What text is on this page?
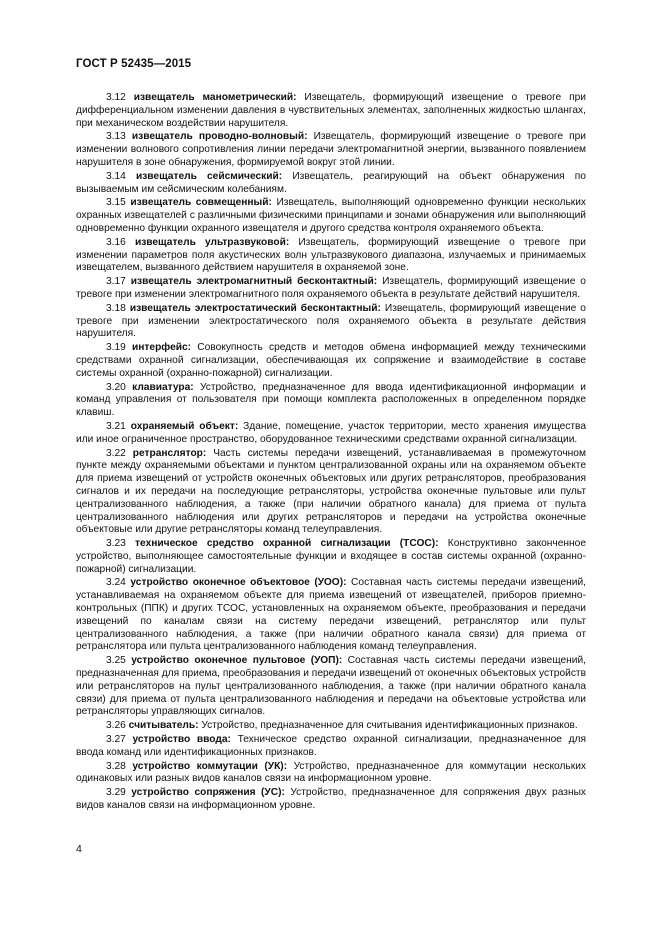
ГОСТ Р 52435—2015

3.12 извещатель манометрический: Извещатель, формирующий извещение о тревоге при дифференциальном изменении давления в чувствительных элементах, заполненных жидкостью шлангах, при механическом воздействии нарушителя.

3.13 извещатель проводно-волновый: Извещатель, формирующий извещение о тревоге при изменении волнового сопротивления линии передачи электромагнитной энергии, вызванного появлением нарушителя в зоне обнаружения, формируемой вокруг этой линии.

3.14 извещатель сейсмический: Извещатель, реагирующий на объект обнаружения по вызываемым им сейсмическим колебаниям.

3.15 извещатель совмещенный: Извещатель, выполняющий одновременно функции нескольких охранных извещателей с различными физическими принципами и зонами обнаружения или выполняющий одновременно функции охранного извещателя и другого средства контроля охраняемого объекта.

3.16 извещатель ультразвуковой: Извещатель, формирующий извещение о тревоге при изменении параметров поля акустических волн ультразвукового диапазона, излучаемых и принимаемых извещателем, вызванного действием нарушителя в охраняемой зоне.

3.17 извещатель электромагнитный бесконтактный: Извещатель, формирующий извещение о тревоге при изменении электромагнитного поля охраняемого объекта в результате действий нарушителя.

3.18 извещатель электростатический бесконтактный: Извещатель, формирующий извещение о тревоге при изменении электростатического поля охраняемого объекта в результате действия нарушителя.

3.19 интерфейс: Совокупность средств и методов обмена информацией между техническими средствами охранной сигнализации, обеспечивающая их сопряжение и взаимодействие в составе системы охранной (охранно-пожарной) сигнализации.

3.20 клавиатура: Устройство, предназначенное для ввода идентификационной информации и команд управления от пользователя при помощи комплекта расположенных в определенном порядке клавиш.

3.21 охраняемый объект: Здание, помещение, участок территории, место хранения имущества или иное ограниченное пространство, оборудованное техническими средствами охранной сигнализации.

3.22 ретранслятор: Часть системы передачи извещений, устанавливаемая в промежуточном пункте между охраняемыми объектами и пунктом централизованной охраны или на охраняемом объекте для приема извещений от устройств оконечных объектовых или других ретрансляторов, преобразования сигналов и их передачи на последующие ретрансляторы, устройства оконечные пультовые или пульт централизованного наблюдения, а также (при наличии обратного канала) для приема от пульта централизованного наблюдения или других ретрансляторов и передачи на устройства оконечные объектовые или другие ретрансляторы команд телеуправления.

3.23 техническое средство охранной сигнализации (ТСОС): Конструктивно законченное устройство, выполняющее самостоятельные функции и входящее в состав системы охранной (охранно-пожарной) сигнализации.

3.24 устройство оконечное объектовое (УОО): Составная часть системы передачи извещений, устанавливаемая на охраняемом объекте для приема извещений от извещателей, приборов приемно-контрольных (ППК) и других ТСОС, установленных на охраняемом объекте, преобразования и передачи извещений по каналам связи на систему передачи извещений, ретранслятор или пульт централизованного наблюдения, а также (при наличии обратного канала связи) для приема от ретранслятора или пульта централизованного наблюдения команд телеуправления.

3.25 устройство оконечное пультовое (УОП): Составная часть системы передачи извещений, предназначенная для приема, преобразования и передачи извещений от оконечных объектовых устройств или ретрансляторов на пульт централизованного наблюдения, а также (при наличии обратного канала связи) для приема от пульта централизованного наблюдения и передачи на объектовые устройства или ретрансляторы управляющих сигналов.

3.26 считыватель: Устройство, предназначенное для считывания идентификационных признаков.

3.27 устройство ввода: Техническое средство охранной сигнализации, предназначенное для ввода команд или идентификационных признаков.

3.28 устройство коммутации (УК): Устройство, предназначенное для коммутации нескольких одинаковых или разных видов каналов связи на информационном уровне.

3.29 устройство сопряжения (УС): Устройство, предназначенное для сопряжения двух разных видов каналов связи на информационном уровне.

4
